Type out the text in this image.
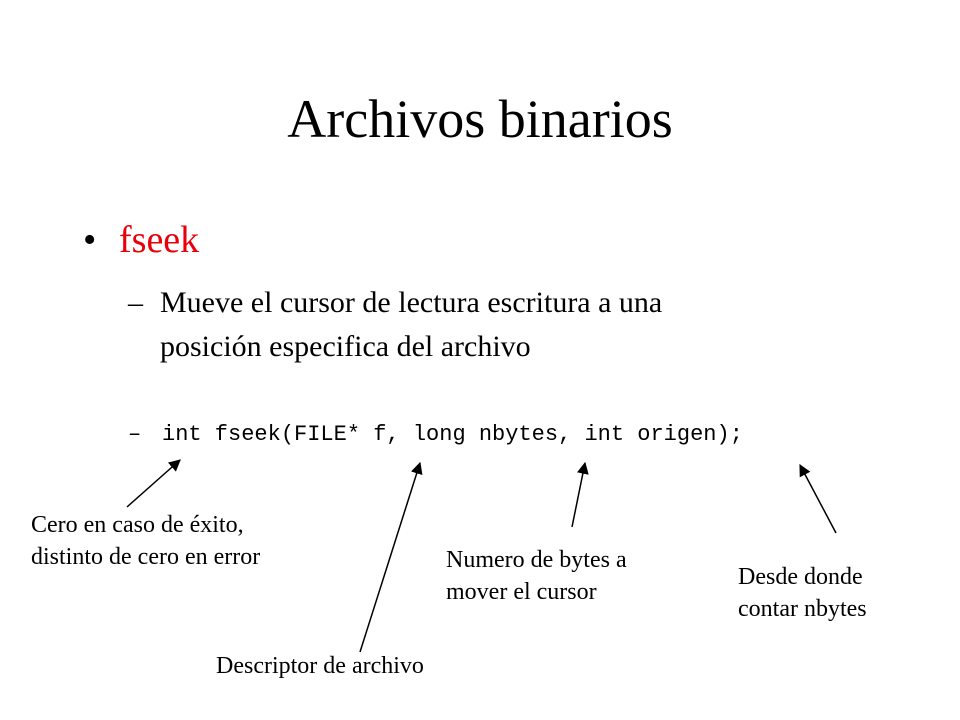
Archivos binarios
• fseek
– Mueve el cursor de lectura escritura a una
posición especifica del archivo
– int fseek(FILE* f, long nbytes, int origen);
Cero en caso de éxito,
distinto de cero en error
Descriptor de archivo
Numero de bytes a
mover el cursor
Desde donde
contar nbytes
